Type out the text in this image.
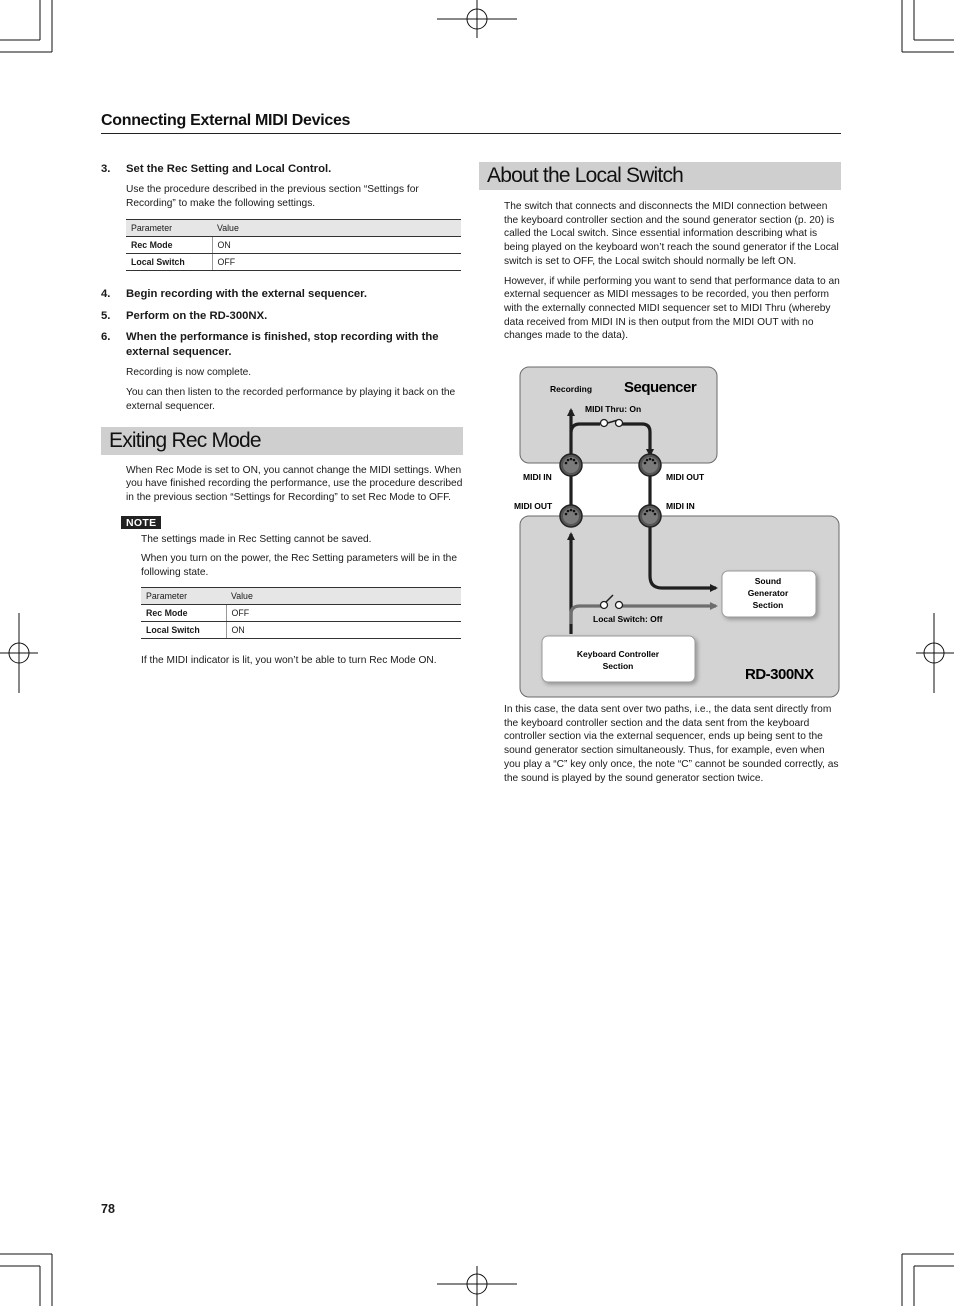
Connecting External MIDI Devices
3. Set the Rec Setting and Local Control.

Use the procedure described in the previous section “Settings for Recording” to make the following settings.

Parameter	Value
Rec Mode	ON
Local Switch	OFF
4. Begin recording with the external sequencer.
5. Perform on the RD-300NX.
6. When the performance is finished, stop recording with the external sequencer.

Recording is now complete.

You can then listen to the recorded performance by playing it back on the external sequencer.

Exiting Rec Mode

When Rec Mode is set to ON, you cannot change the MIDI settings. When you have finished recording the performance, use the procedure described in the previous section “Settings for Recording” to set Rec Mode to OFF.

NOTE

The settings made in Rec Setting cannot be saved.

When you turn on the power, the Rec Setting parameters will be in the following state.

Parameter	Value
Rec Mode	OFF
Local Switch	ON

If the MIDI indicator is lit, you won’t be able to turn Rec Mode ON.

About the Local Switch

The switch that connects and disconnects the MIDI connection between the keyboard controller section and the sound generator section (p. 20) is called the Local switch. Since essential information describing what is being played on the keyboard won’t reach the sound generator if the Local switch is set to OFF, the Local switch should normally be left ON.

However, if while performing you want to send that performance data to an external sequencer as MIDI messages to be recorded, you then perform with the externally connected MIDI sequencer set to MIDI Thru (whereby data received from MIDI IN is then output from the MIDI OUT with no changes made to the data).

In this case, the data sent over two paths, i.e., the data sent directly from the keyboard controller section and the data sent from the keyboard controller section via the external sequencer, ends up being sent to the sound generator section simultaneously. Thus, for example, even when you play a “C” key only once, the note “C” cannot be sounded correctly, as the sound is played by the sound generator section twice.

Sequencer
Recording
MIDI Thru: On
RD-300NX
Local Switch: Off
MIDI IN	MIDI OUT
MIDI OUT	MIDI IN
Sound
Generator
Section
Keyboard Controller
Section
78
